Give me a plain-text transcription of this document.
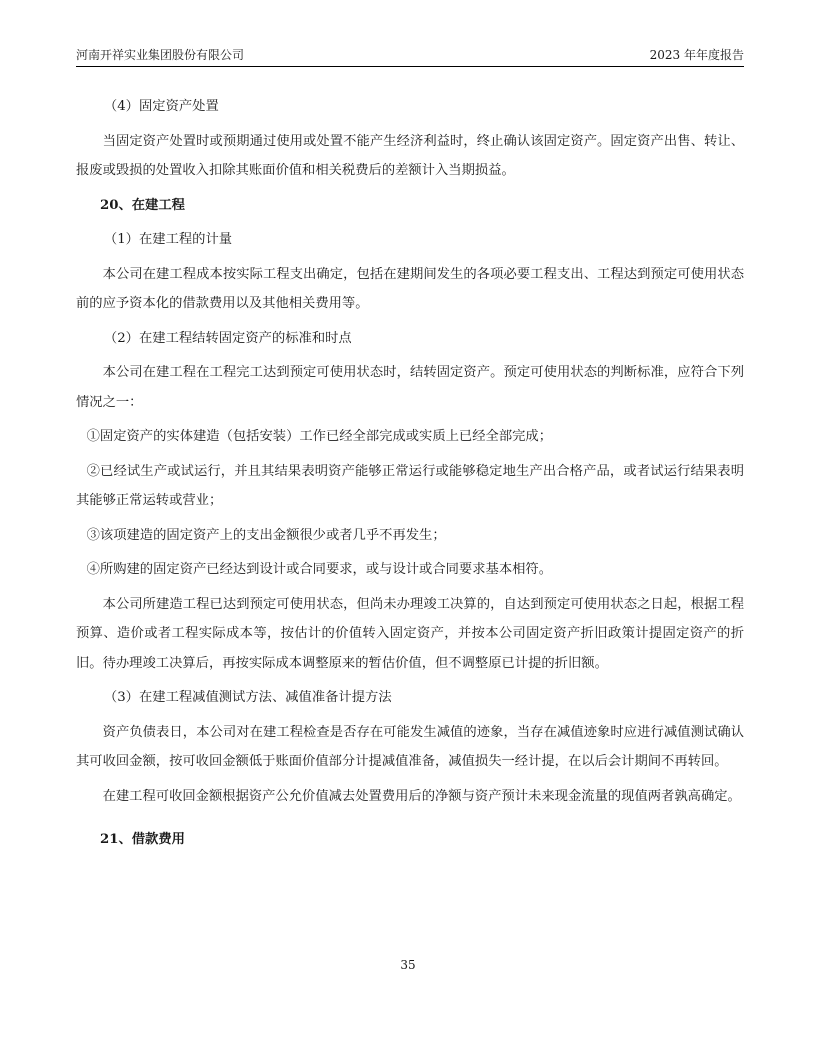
河南开祥实业集团股份有限公司	2023 年年度报告

（4）固定资产处置

当固定资产处置时或预期通过使用或处置不能产生经济利益时，终止确认该固定资产。固定资产出售、转让、报废或毁损的处置收入扣除其账面价值和相关税费后的差额计入当期损益。

20、在建工程

（1）在建工程的计量

本公司在建工程成本按实际工程支出确定，包括在建期间发生的各项必要工程支出、工程达到预定可使用状态前的应予资本化的借款费用以及其他相关费用等。

（2）在建工程结转固定资产的标准和时点

本公司在建工程在工程完工达到预定可使用状态时，结转固定资产。预定可使用状态的判断标准，应符合下列情况之一：

①固定资产的实体建造（包括安装）工作已经全部完成或实质上已经全部完成；

②已经试生产或试运行，并且其结果表明资产能够正常运行或能够稳定地生产出合格产品，或者试运行结果表明其能够正常运转或营业；

③该项建造的固定资产上的支出金额很少或者几乎不再发生；

④所购建的固定资产已经达到设计或合同要求，或与设计或合同要求基本相符。

本公司所建造工程已达到预定可使用状态，但尚未办理竣工决算的，自达到预定可使用状态之日起，根据工程预算、造价或者工程实际成本等，按估计的价值转入固定资产，并按本公司固定资产折旧政策计提固定资产的折旧。待办理竣工决算后，再按实际成本调整原来的暂估价值，但不调整原已计提的折旧额。

（3）在建工程减值测试方法、减值准备计提方法

资产负债表日，本公司对在建工程检查是否存在可能发生减值的迹象，当存在减值迹象时应进行减值测试确认其可收回金额，按可收回金额低于账面价值部分计提减值准备，减值损失一经计提，在以后会计期间不再转回。

在建工程可收回金额根据资产公允价值减去处置费用后的净额与资产预计未来现金流量的现值两者孰高确定。

21、借款费用
35
